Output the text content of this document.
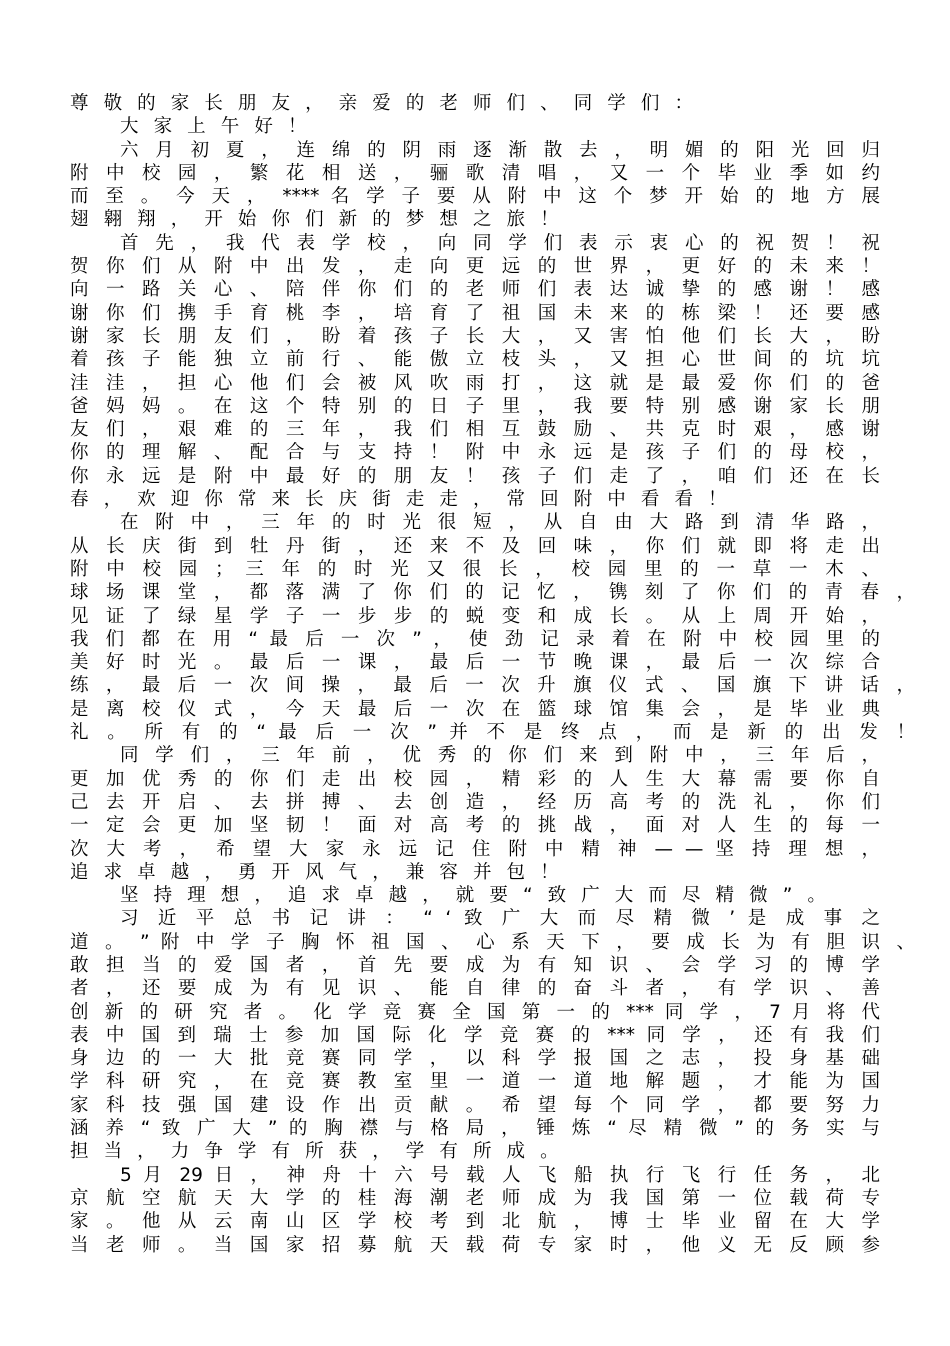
尊 敬 的 家 长 朋 友 ， 亲 爱 的 老 师 们 、 同 学 们 ：
大 家 上 午 好 ！
六 月 初 夏 ， 连 绵 的 阴 雨 逐 渐 散 去 ， 明 媚 的 阳 光 回 归
附 中 校 园 ， 繁 花 相 送 ， 骊 歌 清 唱 ， 又 一 个 毕 业 季 如 约
而 至 。 今 天 ， **** 名 学 子 要 从 附 中 这 个 梦 开 始 的 地 方 展
翅 翱 翔 ， 开 始 你 们 新 的 梦 想 之 旅 ！
首 先 ， 我 代 表 学 校 ， 向 同 学 们 表 示 衷 心 的 祝 贺 ！ 祝
贺 你 们 从 附 中 出 发 ， 走 向 更 远 的 世 界 ， 更 好 的 未 来 ！
向 一 路 关 心 、 陪 伴 你 们 的 老 师 们 表 达 诚 挚 的 感 谢 ！ 感
谢 你 们 携 手 育 桃 李 ， 培 育 了 祖 国 未 来 的 栋 梁 ！ 还 要 感
谢 家 长 朋 友 们 ， 盼 着 孩 子 长 大 ， 又 害 怕 他 们 长 大 ， 盼
着 孩 子 能 独 立 前 行 、 能 傲 立 枝 头 ， 又 担 心 世 间 的 坑 坑
洼 洼 ， 担 心 他 们 会 被 风 吹 雨 打 ， 这 就 是 最 爱 你 们 的 爸
爸 妈 妈 。 在 这 个 特 别 的 日 子 里 ， 我 要 特 别 感 谢 家 长 朋
友 们 ， 艰 难 的 三 年 ， 我 们 相 互 鼓 励 、 共 克 时 艰 ， 感 谢
你 的 理 解 、 配 合 与 支 持 ！ 附 中 永 远 是 孩 子 们 的 母 校 ，
你 永 远 是 附 中 最 好 的 朋 友 ！ 孩 子 们 走 了 ， 咱 们 还 在 长
春 ， 欢 迎 你 常 来 长 庆 街 走 走 ， 常 回 附 中 看 看 ！
在 附 中 ， 三 年 的 时 光 很 短 ， 从 自 由 大 路 到 清 华 路 ，
从 长 庆 街 到 牡 丹 街 ， 还 来 不 及 回 味 ， 你 们 就 即 将 走 出
附 中 校 园 ； 三 年 的 时 光 又 很 长 ， 校 园 里 的 一 草 一 木 、
球 场 课 堂 ， 都 落 满 了 你 们 的 记 忆 ， 镌 刻 了 你 们 的 青 春 ，
见 证 了 绿 星 学 子 一 步 步 的 蜕 变 和 成 长 。 从 上 周 开 始 ，
我 们 都 在 用 “ 最 后 一 次 ” ， 使 劲 记 录 着 在 附 中 校 园 里 的
美 好 时 光 。 最 后 一 课 ， 最 后 一 节 晚 课 ， 最 后 一 次 综 合
练 ， 最 后 一 次 间 操 ， 最 后 一 次 升 旗 仪 式 、 国 旗 下 讲 话 ，
是 离 校 仪 式 ， 今 天 最 后 一 次 在 篮 球 馆 集 会 ， 是 毕 业 典
礼 。 所 有 的 “ 最 后 一 次 ” 并 不 是 终 点 ， 而 是 新 的 出 发 ！
同 学 们 ， 三 年 前 ， 优 秀 的 你 们 来 到 附 中 ， 三 年 后 ，
更 加 优 秀 的 你 们 走 出 校 园 ， 精 彩 的 人 生 大 幕 需 要 你 自
己 去 开 启 、 去 拼 搏 、 去 创 造 ， 经 历 高 考 的 洗 礼 ， 你 们
一 定 会 更 加 坚 韧 ！ 面 对 高 考 的 挑 战 ， 面 对 人 生 的 每 一
次 大 考 ， 希 望 大 家 永 远 记 住 附 中 精 神 — — 坚 持 理 想 ，
追 求 卓 越 ， 勇 开 风 气 ， 兼 容 并 包 ！
坚 持 理 想 ， 追 求 卓 越 ， 就 要 “ 致 广 大 而 尽 精 微 ” 。
习 近 平 总 书 记 讲 ： “ ‘ 致 广 大 而 尽 精 微 ’ 是 成 事 之
道 。 ” 附 中 学 子 胸 怀 祖 国 、 心 系 天 下 ， 要 成 长 为 有 胆 识 、
敢 担 当 的 爱 国 者 ， 首 先 要 成 为 有 知 识 、 会 学 习 的 博 学
者 ， 还 要 成 为 有 见 识 、 能 自 律 的 奋 斗 者 ， 有 学 识 、 善
创 新 的 研 究 者 。 化 学 竞 赛 全 国 第 一 的 *** 同 学 ， 7 月 将 代
表 中 国 到 瑞 士 参 加 国 际 化 学 竞 赛 的 *** 同 学 ， 还 有 我 们
身 边 的 一 大 批 竞 赛 同 学 ， 以 科 学 报 国 之 志 ， 投 身 基 础
学 科 研 究 ， 在 竞 赛 教 室 里 一 道 一 道 地 解 题 ， 才 能 为 国
家 科 技 强 国 建 设 作 出 贡 献 。 希 望 每 个 同 学 ， 都 要 努 力
涵 养 “ 致 广 大 ” 的 胸 襟 与 格 局 ， 锤 炼 “ 尽 精 微 ” 的 务 实 与
担 当 ， 力 争 学 有 所 获 ， 学 有 所 成 。
5 月 29 日 ， 神 舟 十 六 号 载 人 飞 船 执 行 飞 行 任 务 ， 北
京 航 空 航 天 大 学 的 桂 海 潮 老 师 成 为 我 国 第 一 位 载 荷 专
家 。 他 从 云 南 山 区 学 校 考 到 北 航 ， 博 士 毕 业 留 在 大 学
当 老 师 。 当 国 家 招 募 航 天 载 荷 专 家 时 ， 他 义 无 反 顾 参
